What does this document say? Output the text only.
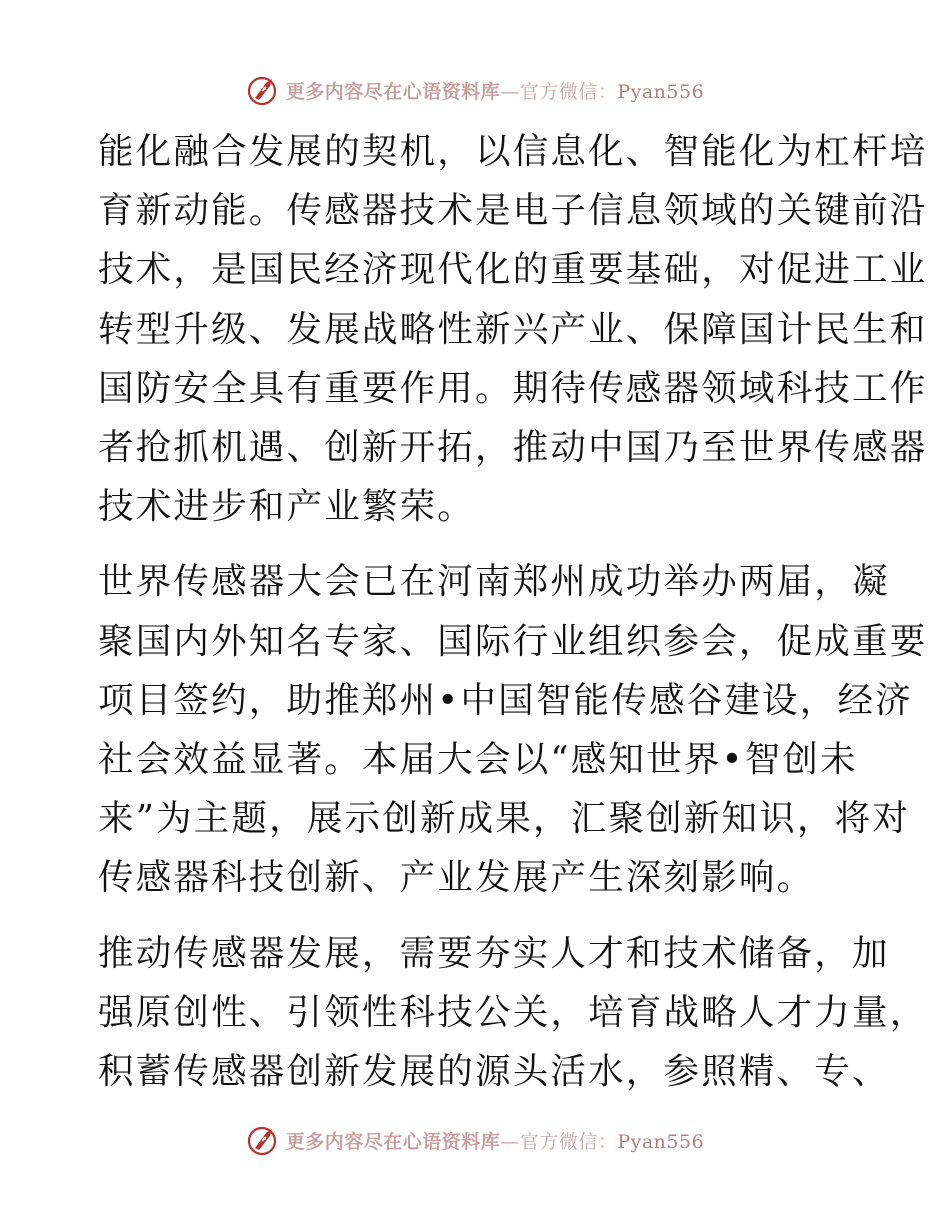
更多内容尽在心语资料库—官方微信：Pyan556

能化融合发展的契机，以信息化、智能化为杠杆培
育新动能。传感器技术是电子信息领域的关键前沿
技术，是国民经济现代化的重要基础，对促进工业
转型升级、发展战略性新兴产业、保障国计民生和
国防安全具有重要作用。期待传感器领域科技工作
者抢抓机遇、创新开拓，推动中国乃至世界传感器
技术进步和产业繁荣。

世界传感器大会已在河南郑州成功举办两届，凝
聚国内外知名专家、国际行业组织参会，促成重要
项目签约，助推郑州•中国智能传感谷建设，经济
社会效益显著。本届大会以“感知世界•智创未
来”为主题，展示创新成果，汇聚创新知识，将对
传感器科技创新、产业发展产生深刻影响。

推动传感器发展，需要夯实人才和技术储备，加
强原创性、引领性科技公关，培育战略人才力量，
积蓄传感器创新发展的源头活水，参照精、专、

更多内容尽在心语资料库—官方微信：Pyan556
